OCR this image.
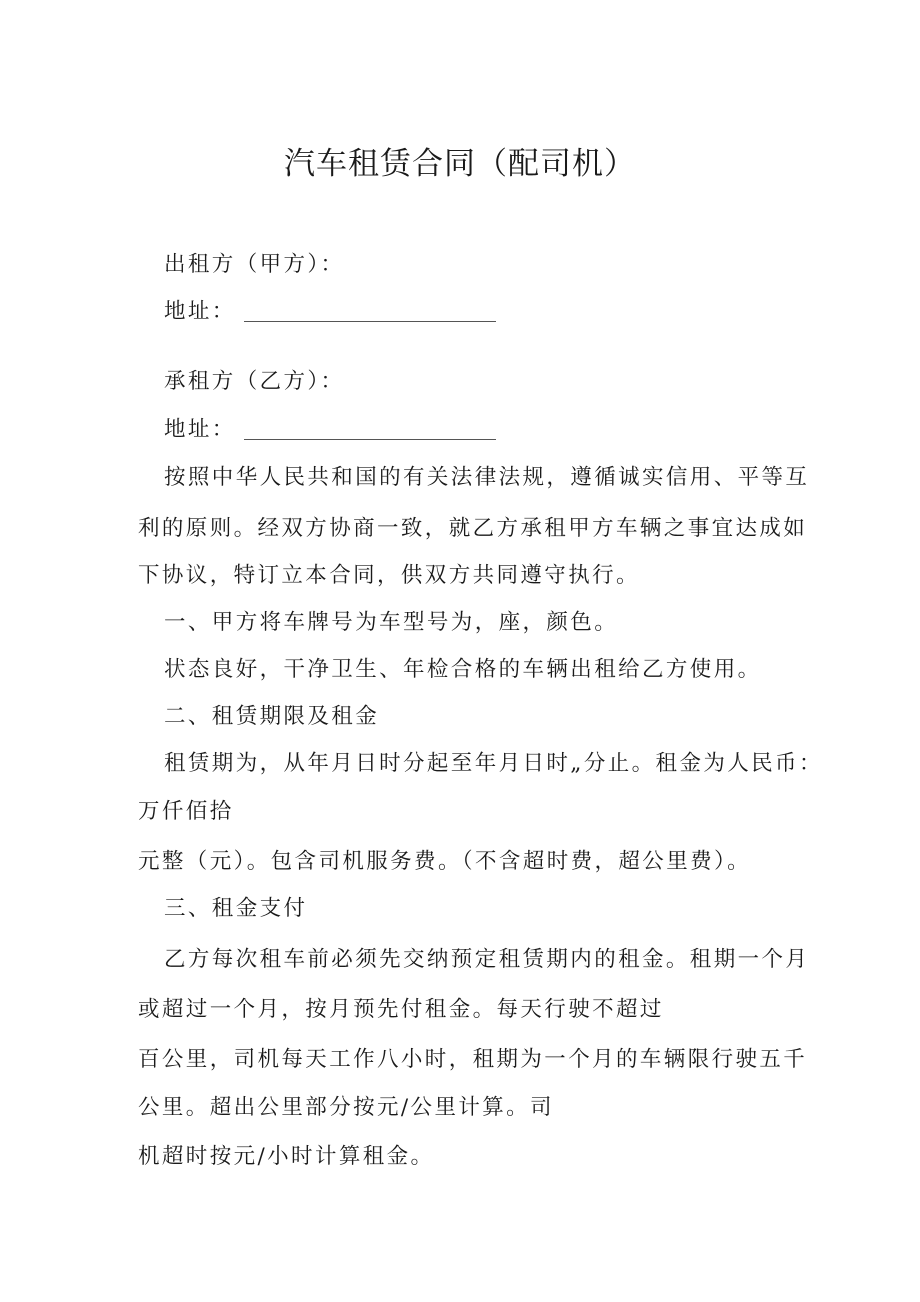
汽车租赁合同（配司机）
出租方（甲方）：
地址：
承租方（乙方）：
地址：
按照中华人民共和国的有关法律法规，遵循诚实信用、平等互
利的原则。经双方协商一致，就乙方承租甲方车辆之事宜达成如
下协议，特订立本合同，供双方共同遵守执行。
一、甲方将车牌号为车型号为，座，颜色。
状态良好，干净卫生、年检合格的车辆出租给乙方使用。
二、租赁期限及租金
租赁期为，从年月日时分起至年月日时„分止。租金为人民币：
万仟佰拾
元整（元）。包含司机服务费。（不含超时费，超公里费）。
三、租金支付
乙方每次租车前必须先交纳预定租赁期内的租金。租期一个月
或超过一个月，按月预先付租金。每天行驶不超过
百公里，司机每天工作八小时，租期为一个月的车辆限行驶五千
公里。超出公里部分按元/公里计算。司
机超时按元/小时计算租金。
